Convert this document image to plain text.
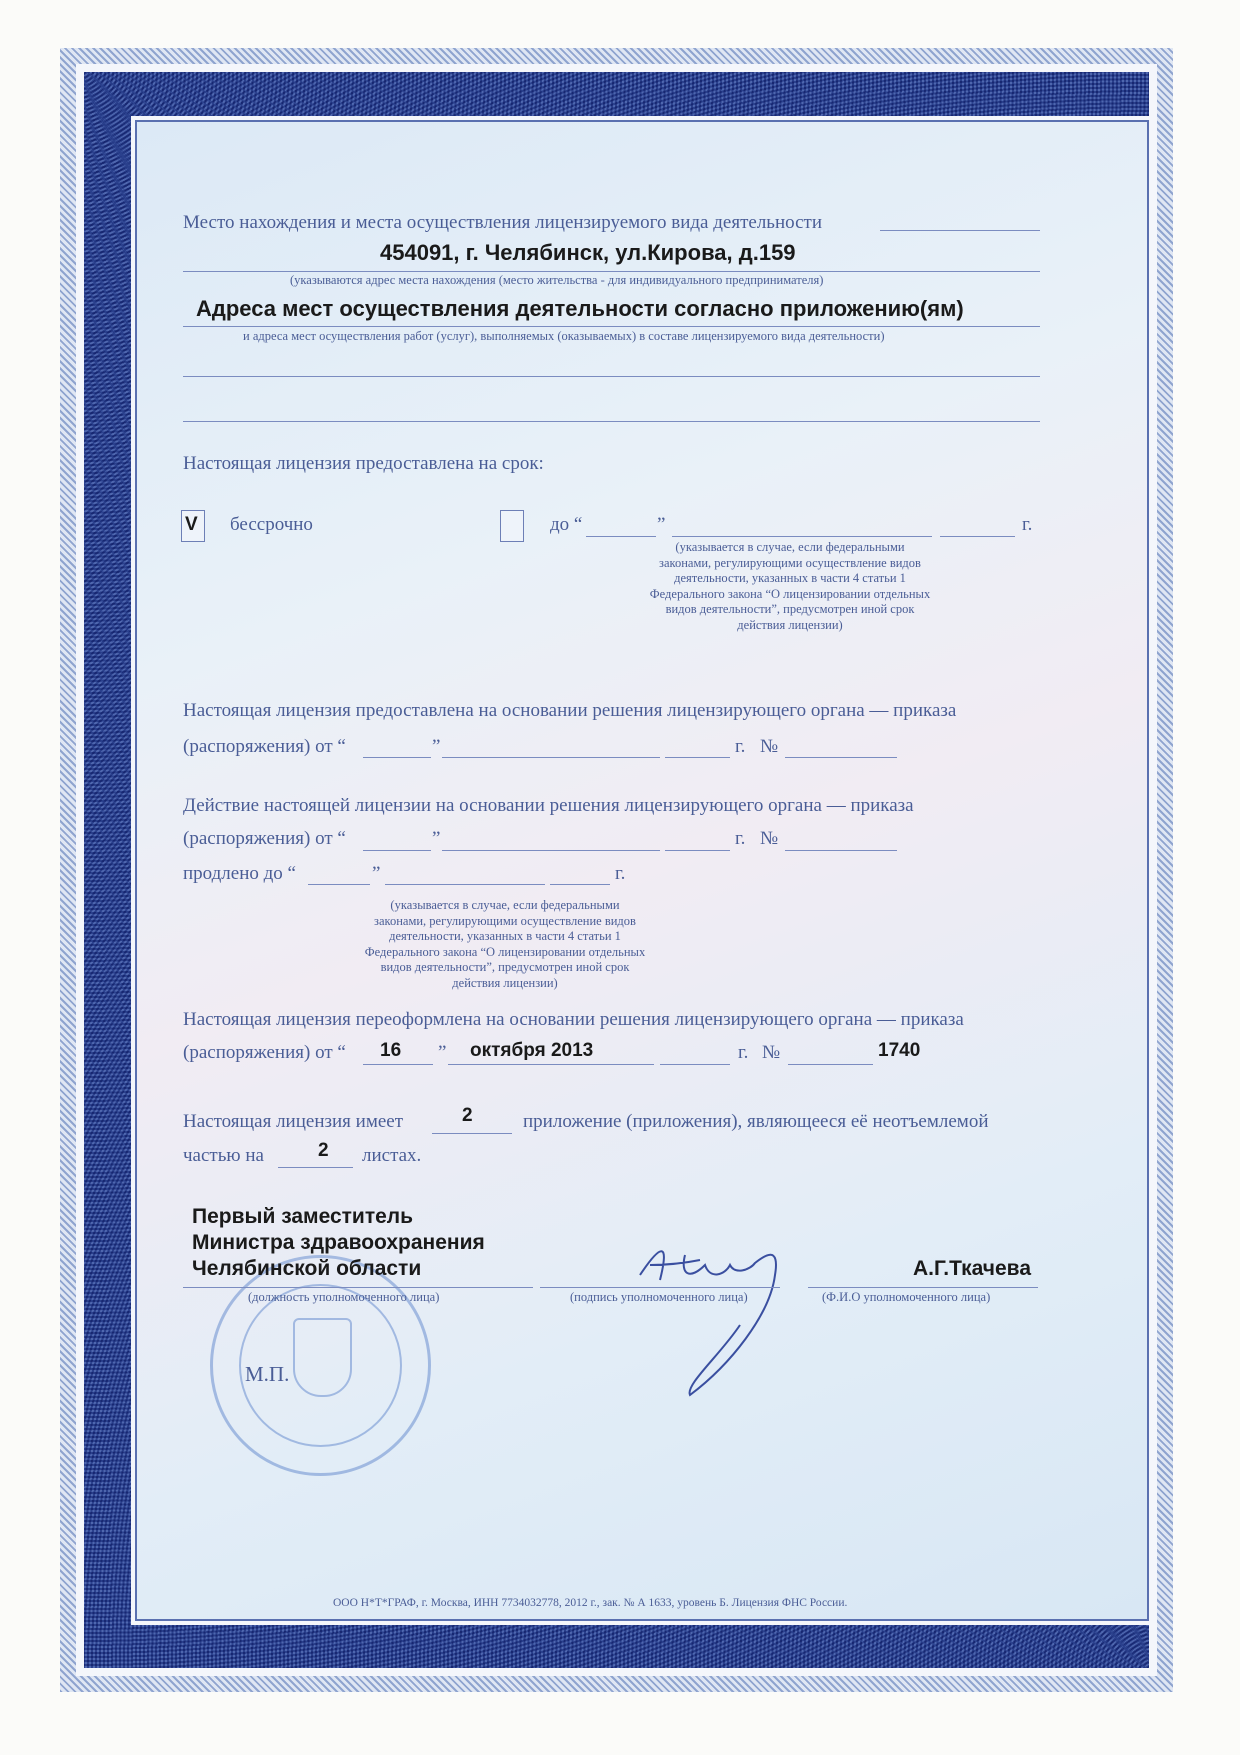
Место нахождения и места осуществления лицензируемого вида деятельности
454091, г. Челябинск, ул.Кирова, д.159
(указываются адрес места нахождения (место жительства - для индивидуального предпринимателя)
Адреса мест осуществления деятельности согласно приложению(ям)
и адреса мест осуществления работ (услуг), выполняемых (оказываемых) в составе лицензируемого вида деятельности)
Настоящая лицензия предоставлена на срок:
V бессрочно	до “	”	г.
(указывается в случае, если федеральными
законами, регулирующими осуществление видов
деятельности, указанных в части 4 статьи 1
Федерального закона “О лицензировании отдельных
видов деятельности”, предусмотрен иной срок
действия лицензии)
Настоящая лицензия предоставлена на основании решения лицензирующего органа — приказа
(распоряжения) от “	”	г. №
Действие настоящей лицензии на основании решения лицензирующего органа — приказа
(распоряжения) от “	”	г. №
продлено до “	”	г.
(указывается в случае, если федеральными
законами, регулирующими осуществление видов
деятельности, указанных в части 4 статьи 1
Федерального закона “О лицензировании отдельных
видов деятельности”, предусмотрен иной срок
действия лицензии)
Настоящая лицензия переоформлена на основании решения лицензирующего органа — приказа
(распоряжения) от “ 16 ” октября 2013	г. №	1740
Настоящая лицензия имеет	2	приложение (приложения), являющееся её неотъемлемой
частью на	2 листах.
Первый заместитель
Министра здравоохранения
Челябинской области
(должность уполномоченного лица)	(подпись уполномоченного лица)
А.Г.Ткачева
(Ф.И.О уполномоченного лица)
М.П.
ООО Н*Т*ГРАФ, г. Москва, ИНН 7734032778, 2012 г., зак. № А 1633, уровень Б. Лицензия ФНС России.
